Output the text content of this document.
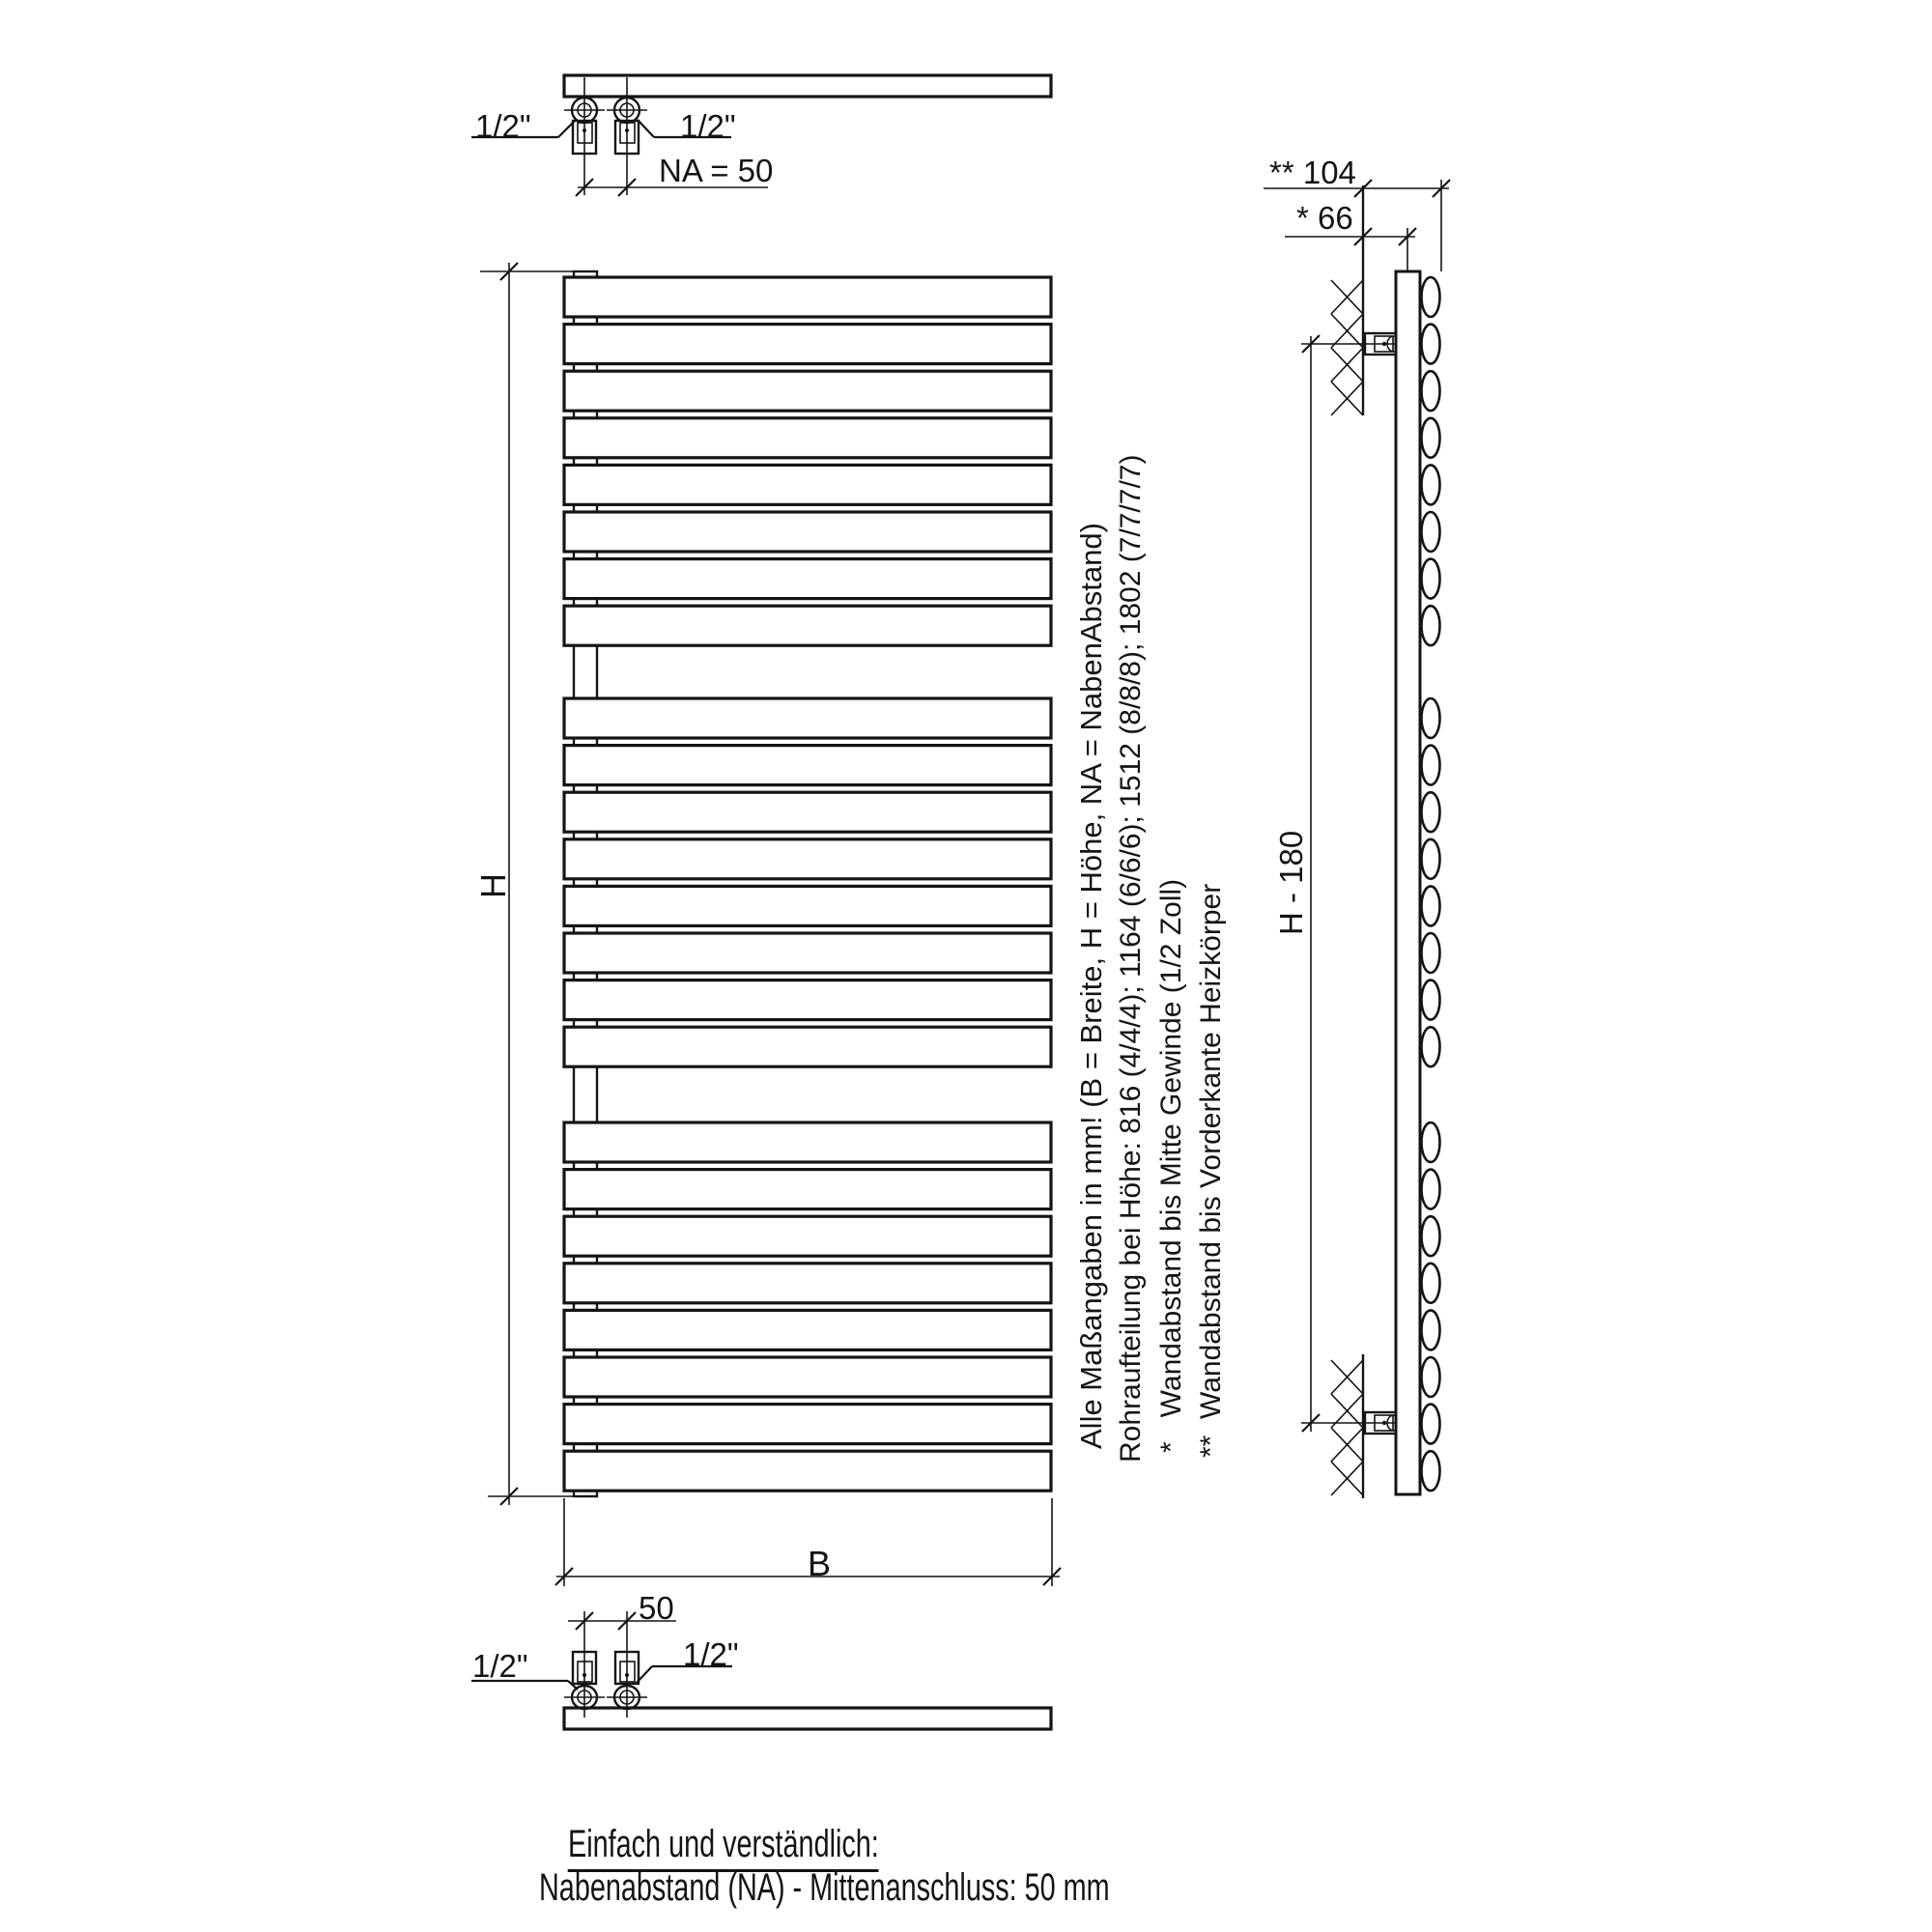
1/2"	1/2"
NA = 50	** 104
* 66
H
B
H - 180
50
1/2"	1/2"
Alle Maßangaben in mm! (B = Breite, H = Höhe, NA = NabenAbstand) Rohraufteilung bei Höhe: 816 (4/4/4); 1164 (6/6/6); 1512 (8/8/8); 1802 (7/7/7/7) *   Wandabstand bis Mitte Gewinde (1/2 Zoll) **  Wandabstand bis Vorderkante Heizkörper

Einfach und verständlich:

Nabenabstand (NA) - Mittenanschluss: 50 mm
